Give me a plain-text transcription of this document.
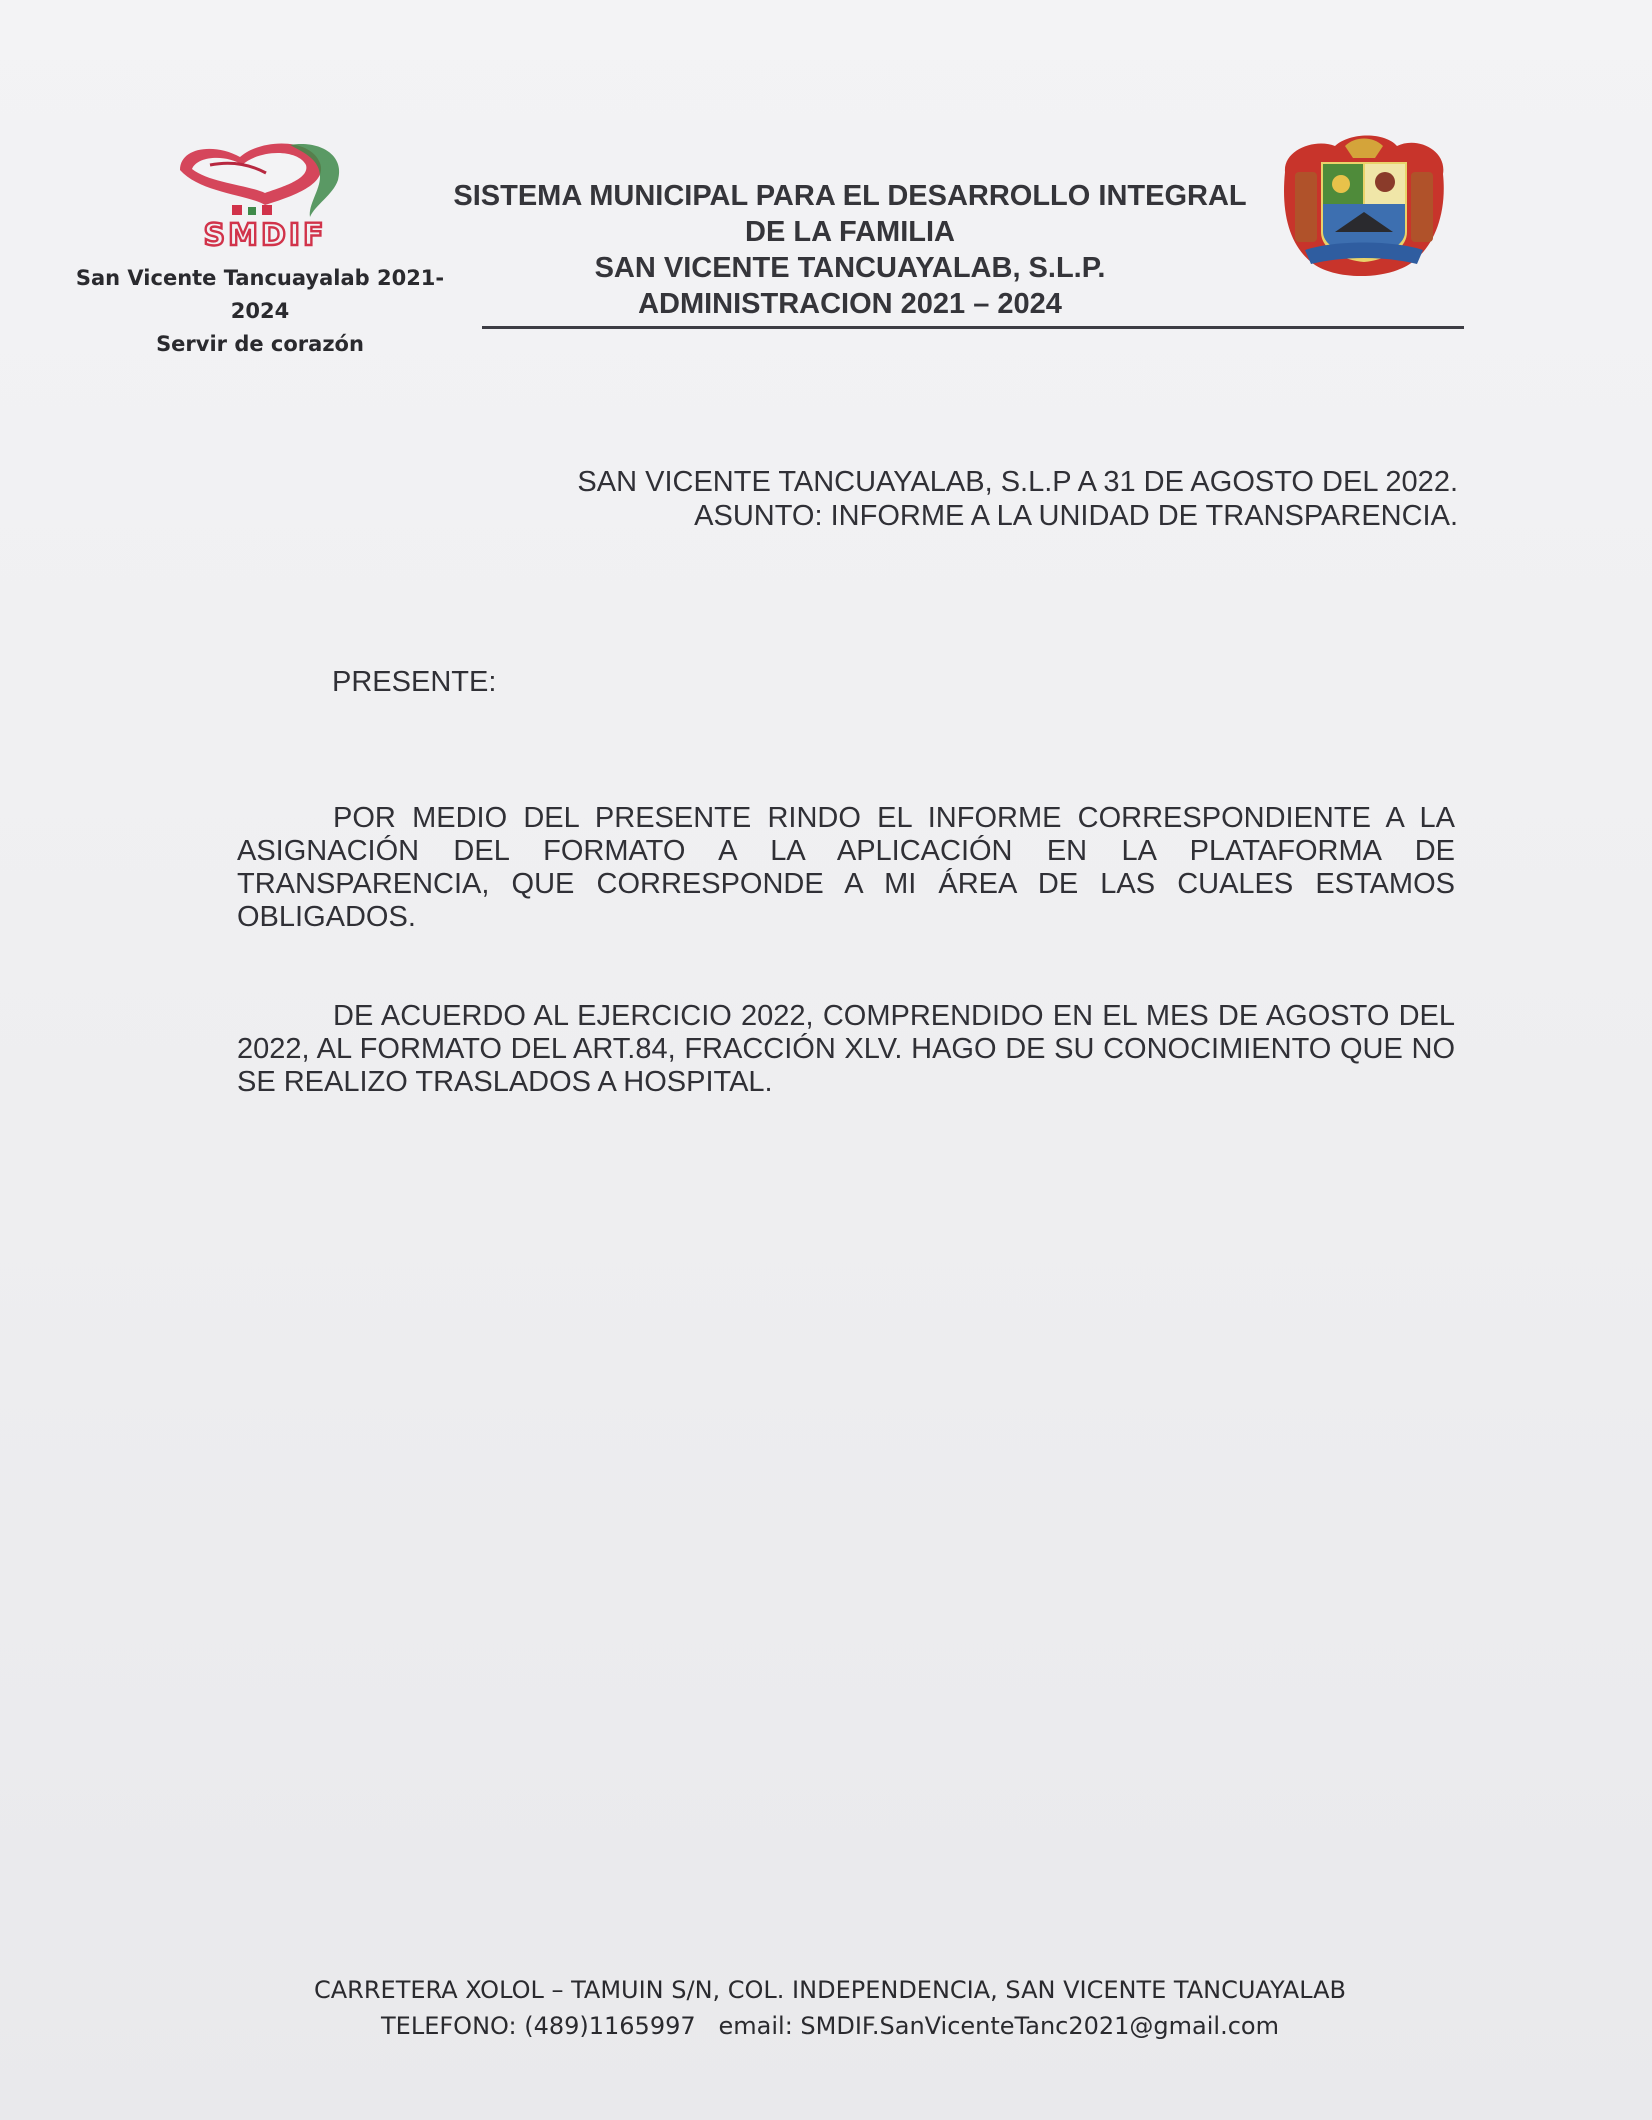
SMDIF
San Vicente Tancuayalab 2021-2024
Servir de corazón
SISTEMA MUNICIPAL PARA EL DESARROLLO INTEGRAL
DE LA FAMILIA
SAN VICENTE TANCUAYALAB, S.L.P.
ADMINISTRACION 2021 – 2024
SAN VICENTE TANCUAYALAB, S.L.P A 31 DE AGOSTO DEL 2022.
ASUNTO: INFORME A LA UNIDAD DE TRANSPARENCIA.
PRESENTE:
POR MEDIO DEL PRESENTE RINDO EL INFORME CORRESPONDIENTE A LA ASIGNACIÓN DEL FORMATO A LA APLICACIÓN EN LA PLATAFORMA DE TRANSPARENCIA, QUE CORRESPONDE A MI ÁREA DE LAS CUALES ESTAMOS OBLIGADOS.
DE ACUERDO AL EJERCICIO 2022, COMPRENDIDO EN EL MES DE AGOSTO DEL 2022, AL FORMATO DEL ART.84, FRACCIÓN XLV. HAGO DE SU CONOCIMIENTO QUE NO SE REALIZO TRASLADOS A HOSPITAL.
CARRETERA XOLOL – TAMUIN S/N, COL. INDEPENDENCIA, SAN VICENTE TANCUAYALAB
TELEFONO: (489)1165997   email: SMDIF.SanVicenteTanc2021@gmail.com
